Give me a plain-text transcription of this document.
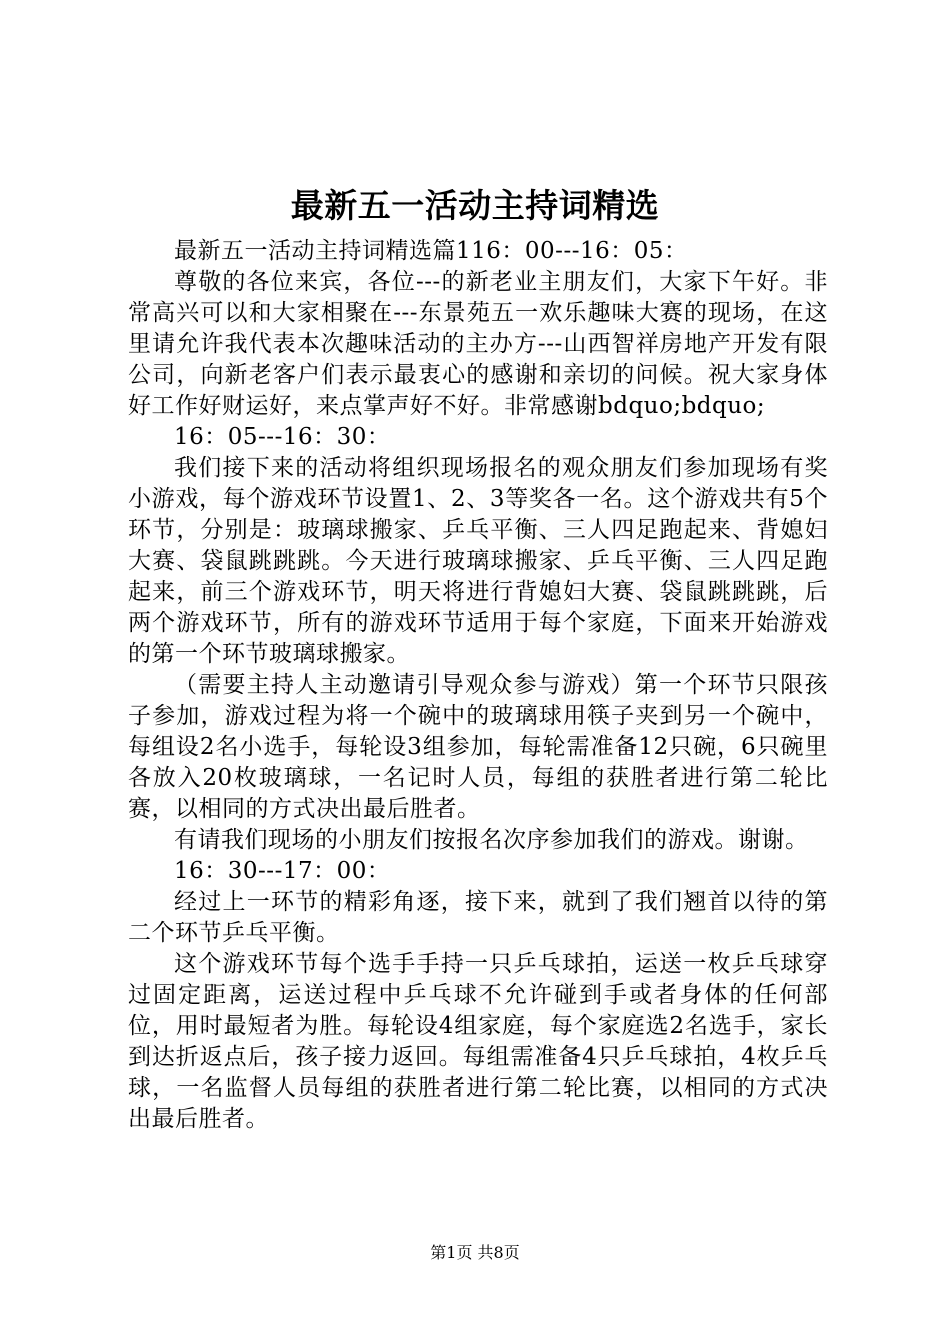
最新五一活动主持词精选

最新五一活动主持词精选篇116：00---16：05：

尊敬的各位来宾，各位---的新老业主朋友们，大家下午好。非常高兴可以和大家相聚在---东景苑五一欢乐趣味大赛的现场，在这里请允许我代表本次趣味活动的主办方---山西智祥房地产开发有限公司，向新老客户们表示最衷心的感谢和亲切的问候。祝大家身体好工作好财运好，来点掌声好不好。非常感谢bdquo;bdquo;

16：05---16：30：

我们接下来的活动将组织现场报名的观众朋友们参加现场有奖小游戏，每个游戏环节设置1、2、3等奖各一名。这个游戏共有5个环节，分别是：玻璃球搬家、乒乓平衡、三人四足跑起来、背媳妇大赛、袋鼠跳跳跳。今天进行玻璃球搬家、乒乓平衡、三人四足跑起来，前三个游戏环节，明天将进行背媳妇大赛、袋鼠跳跳跳，后两个游戏环节，所有的游戏环节适用于每个家庭，下面来开始游戏的第一个环节玻璃球搬家。

（需要主持人主动邀请引导观众参与游戏）第一个环节只限孩子参加，游戏过程为将一个碗中的玻璃球用筷子夹到另一个碗中，每组设2名小选手，每轮设3组参加，每轮需准备12只碗，6只碗里各放入20枚玻璃球，一名记时人员，每组的获胜者进行第二轮比赛，以相同的方式决出最后胜者。

有请我们现场的小朋友们按报名次序参加我们的游戏。谢谢。

16：30---17：00：

经过上一环节的精彩角逐，接下来，就到了我们翘首以待的第二个环节乒乓平衡。

这个游戏环节每个选手手持一只乒乓球拍，运送一枚乒乓球穿过固定距离，运送过程中乒乓球不允许碰到手或者身体的任何部位，用时最短者为胜。每轮设4组家庭，每个家庭选2名选手，家长到达折返点后，孩子接力返回。每组需准备4只乒乓球拍，4枚乒乓球，一名监督人员每组的获胜者进行第二轮比赛，以相同的方式决出最后胜者。

第1页 共8页
